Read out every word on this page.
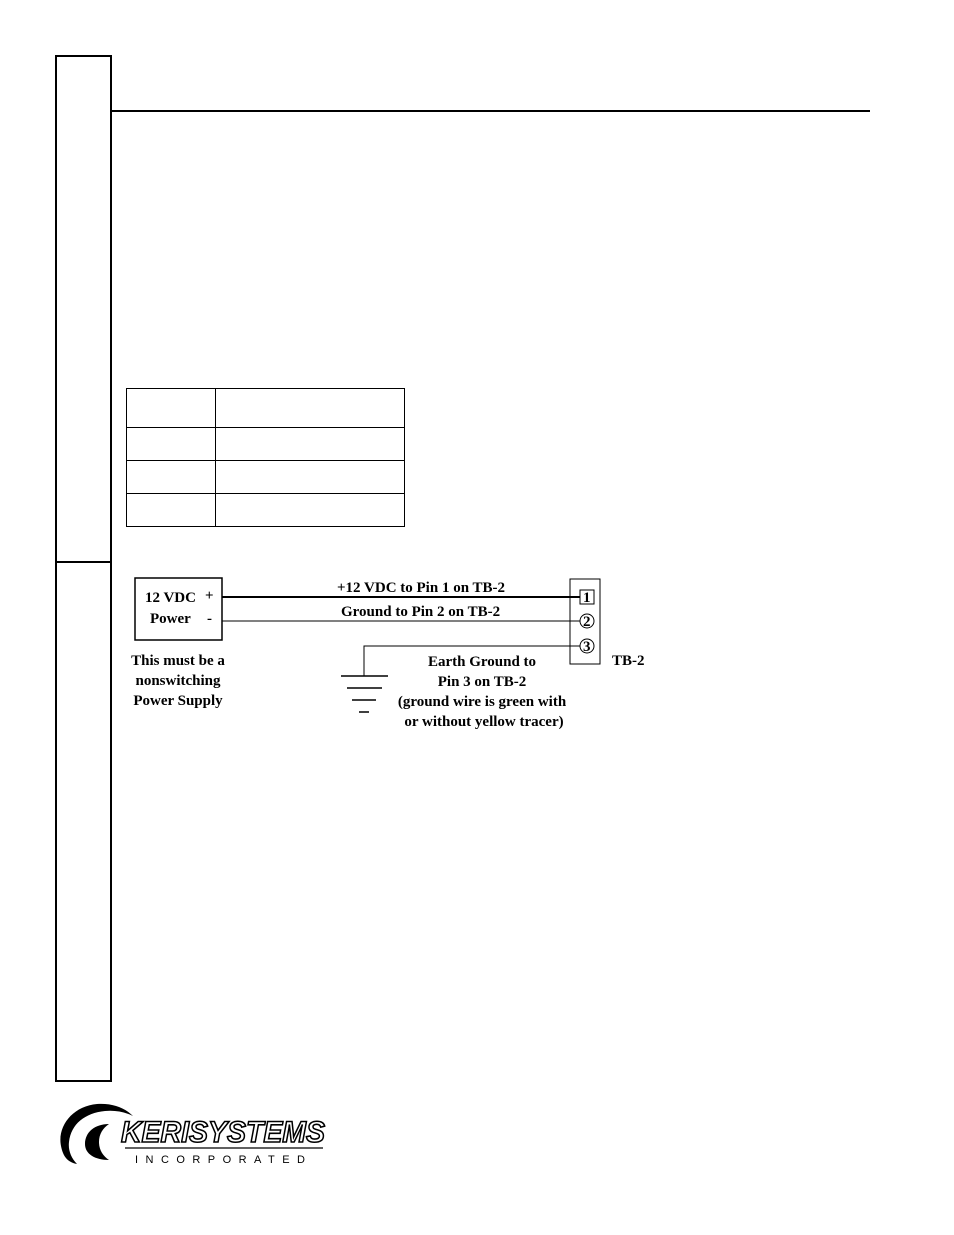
12 VDC
Power
+
-
+12 VDC to Pin 1 on TB-2
Ground to Pin 2 on TB-2
1
2
3
TB-2
This must be a
nonswitching
Power Supply
Earth Ground to
Pin 3 on TB-2
(ground wire is green with
or without yellow tracer)
KERISYSTEMS
INCORPORATED
